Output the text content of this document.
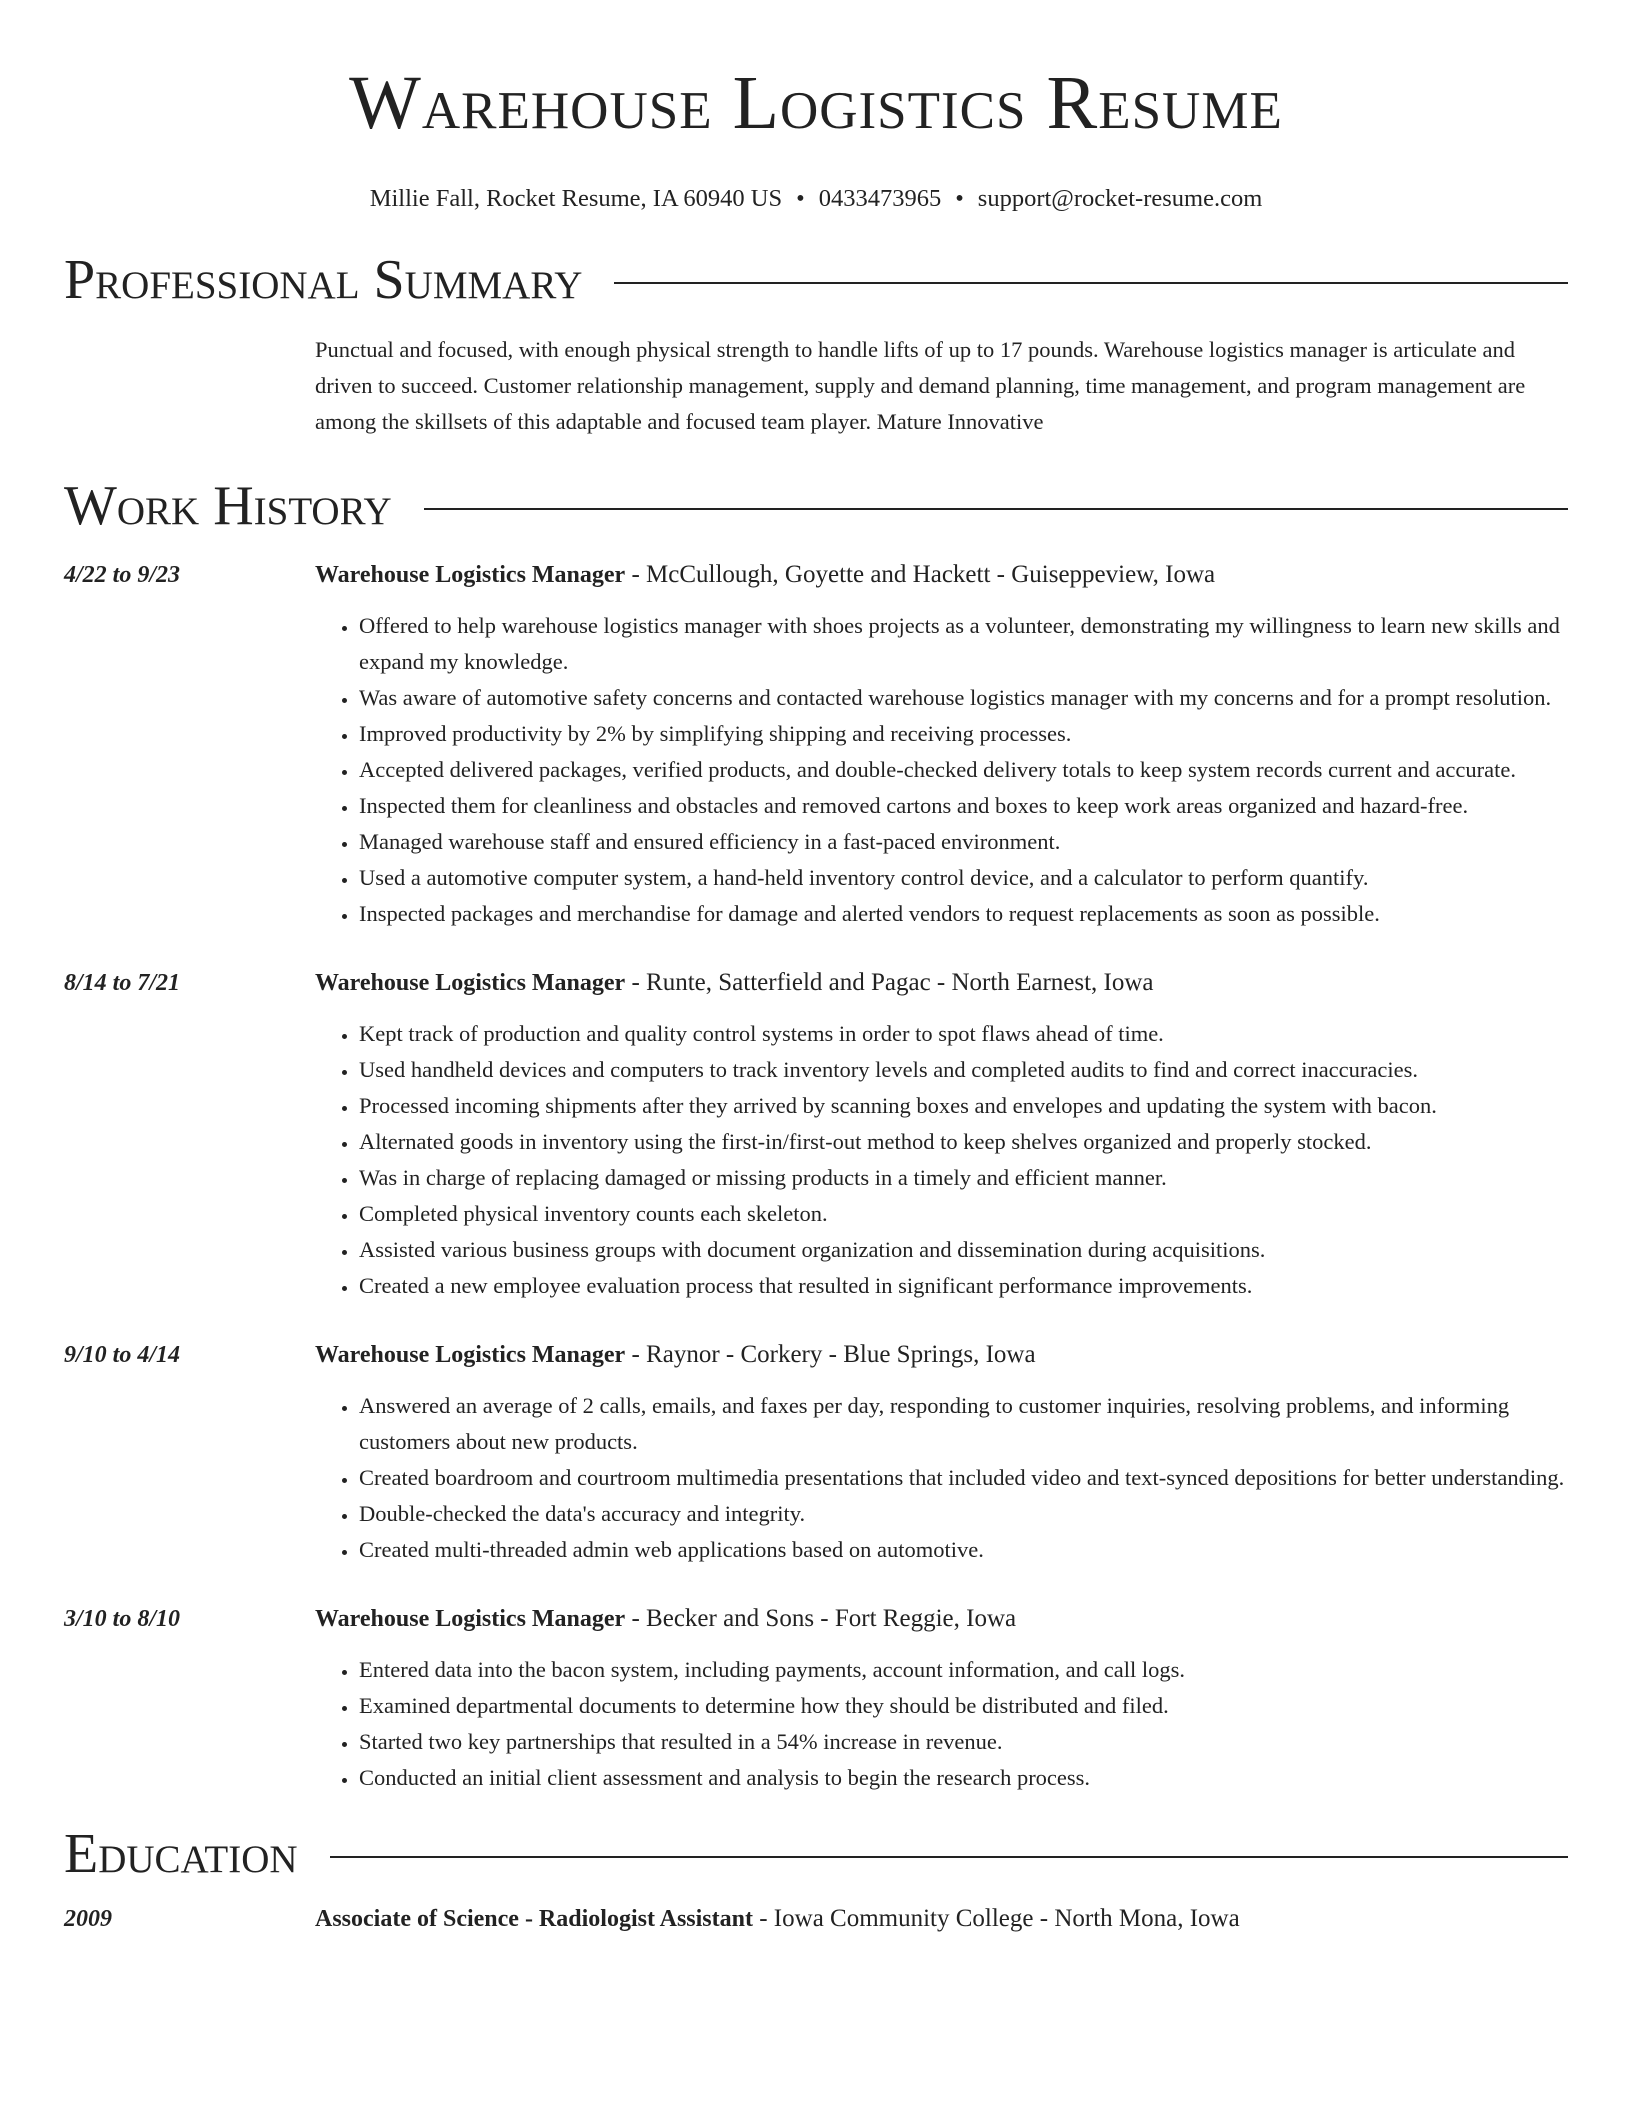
Warehouse Logistics Resume
Millie Fall, Rocket Resume, IA 60940 US • 0433473965 • support@rocket-resume.com
Professional Summary
Punctual and focused, with enough physical strength to handle lifts of up to 17 pounds. Warehouse logistics manager is articulate and driven to succeed. Customer relationship management, supply and demand planning, time management, and program management are among the skillsets of this adaptable and focused team player. Mature Innovative
Work History
4/22 to 9/23	Warehouse Logistics Manager - McCullough, Goyette and Hackett - Guiseppeview, Iowa
• Offered to help warehouse logistics manager with shoes projects as a volunteer, demonstrating my willingness to learn new skills and expand my knowledge.
• Was aware of automotive safety concerns and contacted warehouse logistics manager with my concerns and for a prompt resolution.
• Improved productivity by 2% by simplifying shipping and receiving processes.
• Accepted delivered packages, verified products, and double-checked delivery totals to keep system records current and accurate.
• Inspected them for cleanliness and obstacles and removed cartons and boxes to keep work areas organized and hazard-free.
• Managed warehouse staff and ensured efficiency in a fast-paced environment.
• Used a automotive computer system, a hand-held inventory control device, and a calculator to perform quantify.
• Inspected packages and merchandise for damage and alerted vendors to request replacements as soon as possible.
8/14 to 7/21	Warehouse Logistics Manager - Runte, Satterfield and Pagac - North Earnest, Iowa
• Kept track of production and quality control systems in order to spot flaws ahead of time.
• Used handheld devices and computers to track inventory levels and completed audits to find and correct inaccuracies.
• Processed incoming shipments after they arrived by scanning boxes and envelopes and updating the system with bacon.
• Alternated goods in inventory using the first-in/first-out method to keep shelves organized and properly stocked.
• Was in charge of replacing damaged or missing products in a timely and efficient manner.
• Completed physical inventory counts each skeleton.
• Assisted various business groups with document organization and dissemination during acquisitions.
• Created a new employee evaluation process that resulted in significant performance improvements.
9/10 to 4/14	Warehouse Logistics Manager - Raynor - Corkery - Blue Springs, Iowa
• Answered an average of 2 calls, emails, and faxes per day, responding to customer inquiries, resolving problems, and informing customers about new products.
• Created boardroom and courtroom multimedia presentations that included video and text-synced depositions for better understanding.
• Double-checked the data's accuracy and integrity.
• Created multi-threaded admin web applications based on automotive.
3/10 to 8/10	Warehouse Logistics Manager - Becker and Sons - Fort Reggie, Iowa
• Entered data into the bacon system, including payments, account information, and call logs.
• Examined departmental documents to determine how they should be distributed and filed.
• Started two key partnerships that resulted in a 54% increase in revenue.
• Conducted an initial client assessment and analysis to begin the research process.
Education
2009	Associate of Science - Radiologist Assistant - Iowa Community College - North Mona, Iowa
